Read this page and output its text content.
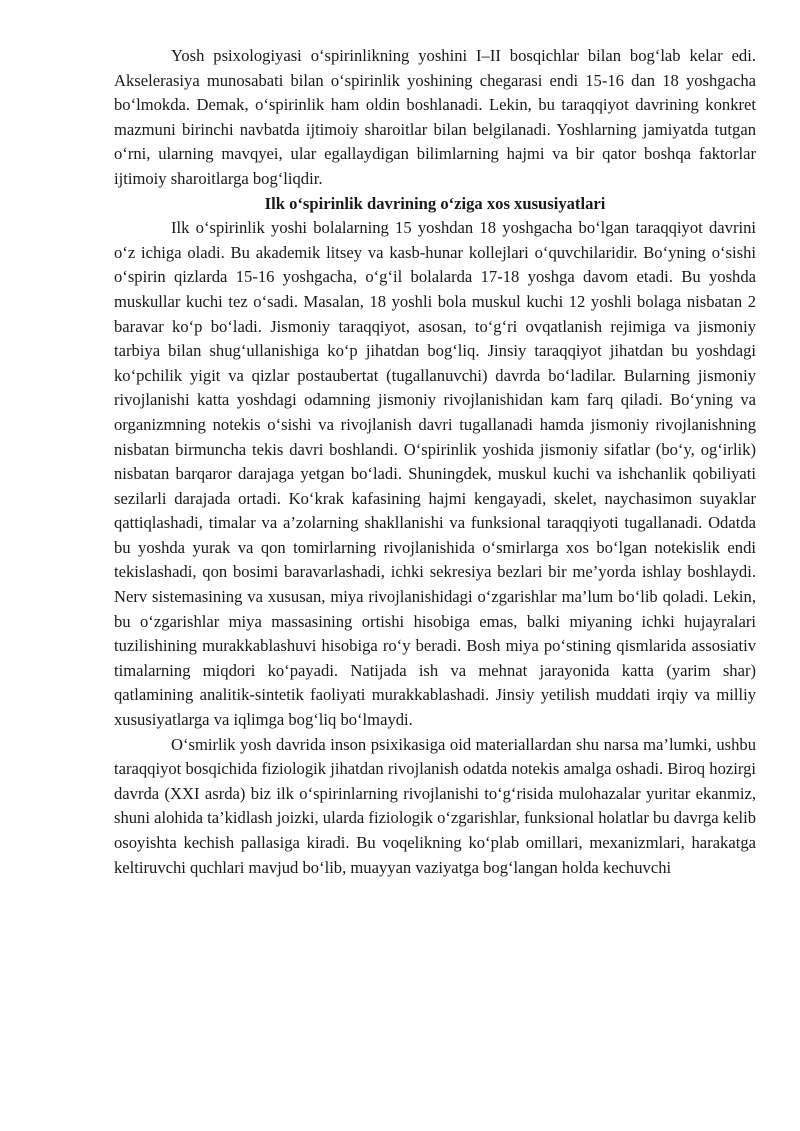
Yosh psixologiyasi oʻspirinlikning yoshini I–II bosqichlar bilan bogʻlab kelar edi. Akselerasiya munosabati bilan oʻspirinlik yoshining chegarasi endi 15-16 dan 18 yoshgacha boʻlmokda. Demak, oʻspirinlik ham oldin boshlanadi. Lekin, bu taraqqiyot davrining konkret mazmuni birinchi navbatda ijtimoiy sharoitlar bilan belgilanadi. Yoshlarning jamiyatda tutgan oʻrni, ularning mavqyei, ular egallaydigan bilimlarning hajmi va bir qator boshqa faktorlar ijtimoiy sharoitlarga bogʻliqdir.

Ilk oʻspirinlik davrining oʻziga xos xususiyatlari

Ilk oʻspirinlik yoshi bolalarning 15 yoshdan 18 yoshgacha boʻlgan taraqqiyot davrini oʻz ichiga oladi. Bu akademik litsey va kasb-hunar kollejlari oʻquvchilaridir. Boʻyning oʻsishi oʻspirin qizlarda 15-16 yoshgacha, oʻgʻil bolalarda 17-18 yoshga davom etadi. Bu yoshda muskullar kuchi tez oʻsadi. Masalan, 18 yoshli bola muskul kuchi 12 yoshli bolaga nisbatan 2 baravar koʻp boʻladi. Jismoniy taraqqiyot, asosan, toʻgʻri ovqatlanish rejimiga va jismoniy tarbiya bilan shugʻullanishiga koʻp jihatdan bogʻliq. Jinsiy taraqqiyot jihatdan bu yoshdagi koʻpchilik yigit va qizlar postaubertat (tugallanuvchi) davrda boʻladilar. Bularning jismoniy rivojlanishi katta yoshdagi odamning jismoniy rivojlanishidan kam farq qiladi. Boʻyning va organizmning notekis oʻsishi va rivojlanish davri tugallanadi hamda jismoniy rivojlanishning nisbatan birmuncha tekis davri boshlandi. Oʻspirinlik yoshida jismoniy sifatlar (boʻy, ogʻirlik) nisbatan barqaror darajaga yetgan boʻladi. Shuningdek, muskul kuchi va ishchanlik qobiliyati sezilarli darajada ortadi. Koʻkrak kafasining hajmi kengayadi, skelet, naychasimon suyaklar qattiqlashadi, timalar va a’zolarning shakllanishi va funksional taraqqiyoti tugallanadi. Odatda bu yoshda yurak va qon tomirlarning rivojlanishida oʻsmirlarga xos boʻlgan notekislik endi tekislashadi, qon bosimi baravarlashadi, ichki sekresiya bezlari bir me’yorda ishlay boshlaydi. Nerv sistemasining va xususan, miya rivojlanishidagi oʻzgarishlar ma’lum boʻlib qoladi. Lekin, bu oʻzgarishlar miya massasining ortishi hisobiga emas, balki miyaning ichki hujayralari tuzilishining murakkablashuvi hisobiga roʻy beradi. Bosh miya poʻstining qismlarida assosiativ timalarning miqdori koʻpayadi. Natijada ish va mehnat jarayonida katta (yarim shar) qatlamining analitik-sintetik faoliyati murakkablashadi. Jinsiy yetilish muddati irqiy va milliy xususiyatlarga va iqlimga bogʻliq boʻlmaydi.

Oʻsmirlik yosh davrida inson psixikasiga oid materiallardan shu narsa ma’lumki, ushbu taraqqiyot bosqichida fiziologik jihatdan rivojlanish odatda notekis amalga oshadi. Biroq hozirgi davrda (XXI asrda) biz ilk oʻspirinlarning rivojlanishi toʻgʻrisida mulohazalar yuritar ekanmiz, shuni alohida ta’kidlash joizki, ularda fiziologik oʻzgarishlar, funksional holatlar bu davrga kelib osoyishta kechish pallasiga kiradi. Bu voqelikning koʻplab omillari, mexanizmlari, harakatga keltiruvchi quchlari mavjud boʻlib, muayyan vaziyatga bogʻlangan holda kechuvchi
